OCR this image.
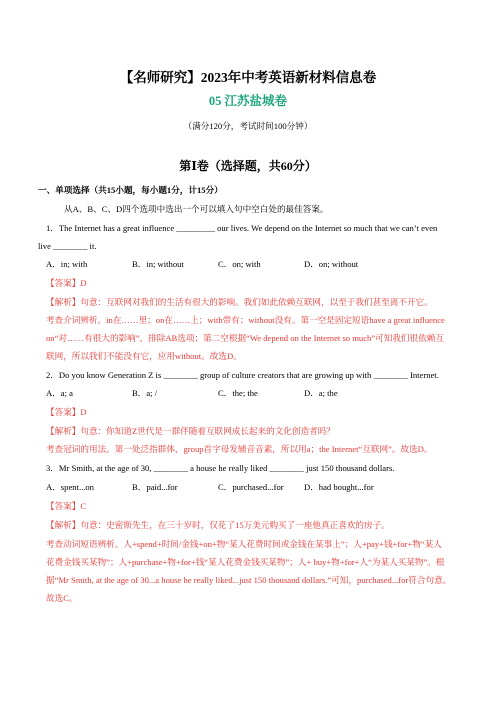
【名师研究】2023年中考英语新材料信息卷
05 江苏盐城卷
（满分120分，考试时间100分钟）
第Ⅰ卷（选择题，共60分）
一、单项选择（共15小题，每小题1分，计15分）
从A、B、C、D四个选项中选出一个可以填入句中空白处的最佳答案。
1．The Internet has a great influence _________ our lives. We depend on the Internet so much that we can’t even
live ________ it.
A．in; with	B．in; without	C．on; with	D．on; without
【答案】D
【解析】句意：互联网对我们的生活有很大的影响。我们如此依赖互联网，以至于我们甚至离不开它。
考查介词辨析。in在……里；on在……上；with带有；without没有。第一空是固定短语have a great influence
on“对……有很大的影响”，排除AB选项；第二空根据“We depend on the Internet so much”可知我们很依赖互
联网，所以我们不能没有它，应用without。故选D。
2．Do you know Generation Z is ________ group of culture creators that are growing up with ________ Internet.
A．a; a	B．a; /	C．the; the	D．a; the
【答案】D
【解析】句意：你知道Z世代是一群伴随着互联网成长起来的文化创造者吗？
考查冠词的用法。第一处泛指群体，group首字母发辅音音素，所以用a；the Internet“互联网”。故选D。
3．Mr Smith, at the age of 30, ________ a house he really liked ________ just 150 thousand dollars.
A．spent...on	B．paid...for	C．purchased...for D．had bought...for
【答案】C
【解析】句意：史密斯先生，在三十岁时，仅花了15万美元购买了一座他真正喜欢的房子。
考查动词短语辨析。人+spend+时间/金钱+on+物“某人花费时间或金钱在某事上”；人+pay+钱+for+物“某人
花费金钱买某物”；人+purchase+物+for+钱“某人花费金钱买某物”；人+ buy+物+for+人“为某人买某物”。根
据“Mr Smith, at the age of 30...a house he really liked...just 150 thousand dollars.”可知，purchased...for符合句意。
故选C。
